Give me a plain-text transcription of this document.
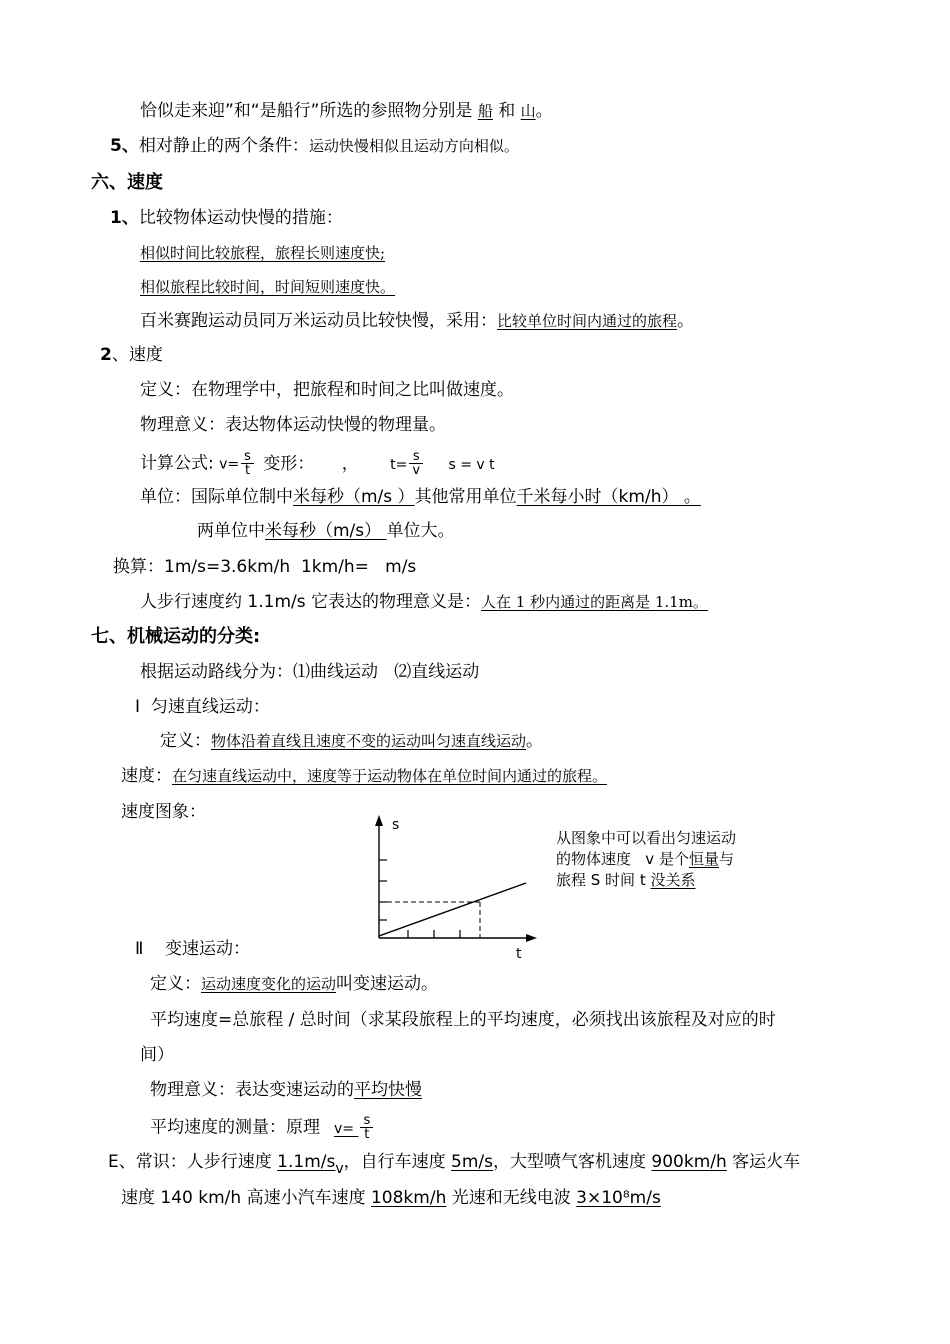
恰似走来迎”和“是船行”所选的参照物分别是 船 和 山。
5、相对静止的两个条件：运动快慢相似且运动方向相似。
六、速度
1、比较物体运动快慢的措施：
相似时间比较旅程，旅程长则速度快;
相似旅程比较时间，时间短则速度快。
百米赛跑运动员同万米运动员比较快慢，采用：比较单位时间内通过的旅程。
2、速度
定义：在物理学中，把旅程和时间之比叫做速度。
物理意义：表达物体运动快慢的物理量。
计算公式: $v= \frac{s}{t}$ 变形： ， $t= \frac{s}{v}$ s = v t
单位：国际单位制中米每秒（m/s ）其他常用单位千米每小时（km/h） 。
两单位中米每秒（m/s） 单位大。
换算：1m/s=3.6km/h  1km/h=   m/s
人步行速度约 1.1m/s 它表达的物理意义是：人在 1 秒内通过的距离是 1.1m。
七、机械运动的分类:
根据运动路线分为：⑴曲线运动   ⑵直线运动
Ⅰ  匀速直线运动：
定义：物体沿着直线且速度不变的运动叫匀速直线运动。
速度：在匀速直线运动中，速度等于运动物体在单位时间内通过的旅程。
速度图象：
s
t
从图象中可以看出匀速运动的物体速度   v 是个恒量与旅程 S 时间 t 没关系
Ⅱ    变速运动：
定义：运动速度变化的运动叫变速运动。
平均速度=总旅程 / 总时间（求某段旅程上的平均速度，必须找出该旅程及对应的时
间）
物理意义：表达变速运动的平均快慢
平均速度的测量：原理 $v= \frac{s}{t}$
E、常识：人步行速度 $1.1m/s_v$，自行车速度 5m/s，大型喷气客机速度 900km/h 客运火车
速度 140 km/h 高速小汽车速度 108km/h 光速和无线电波 3×10⁸m/s
